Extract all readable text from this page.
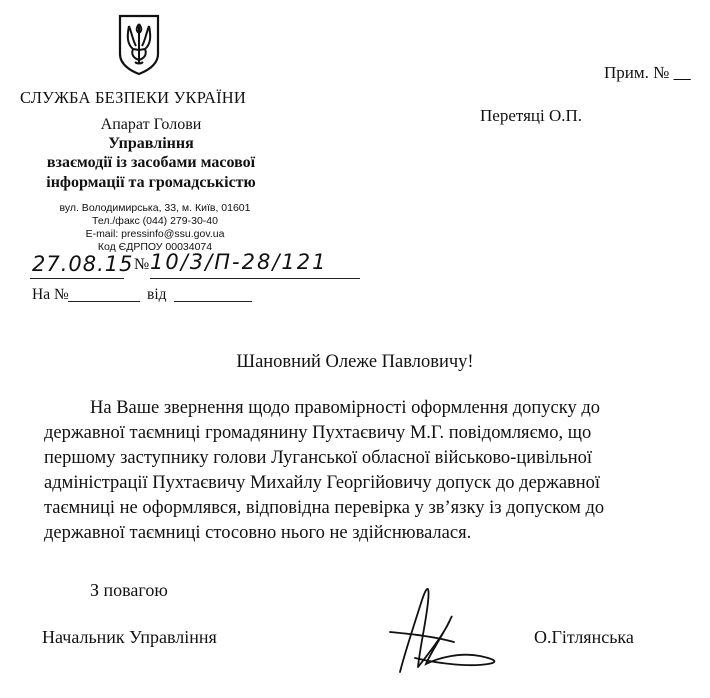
Прим. № __
СЛУЖБА БЕЗПЕКИ УКРАЇНИ
Апарат Голови
Управління
взаємодії із засобами масової
інформації та громадськістю
Перетяці О.П.
вул. Володимирська, 33, м. Київ, 01601
Тел./факс (044) 279-30-40
E-mail: pressinfo@ssu.gov.ua
Код ЄДРПОУ 00034074
27.08.15 № 10/3/П-28/121
На №	від
Шановний Олеже Павловичу!
На Ваше звернення щодо правомірності оформлення допуску до
державної таємниці громадянину Пухтаєвичу М.Г. повідомляємо, що
першому заступнику голови Луганської обласної військово-цивільної
адміністрації Пухтаєвичу Михайлу Георгійовичу допуск до державної
таємниці не оформлявся, відповідна перевірка у зв’язку із допуском до
державної таємниці стосовно нього не здійснювалася.
З повагою
Начальник Управління	О.Гітлянська
